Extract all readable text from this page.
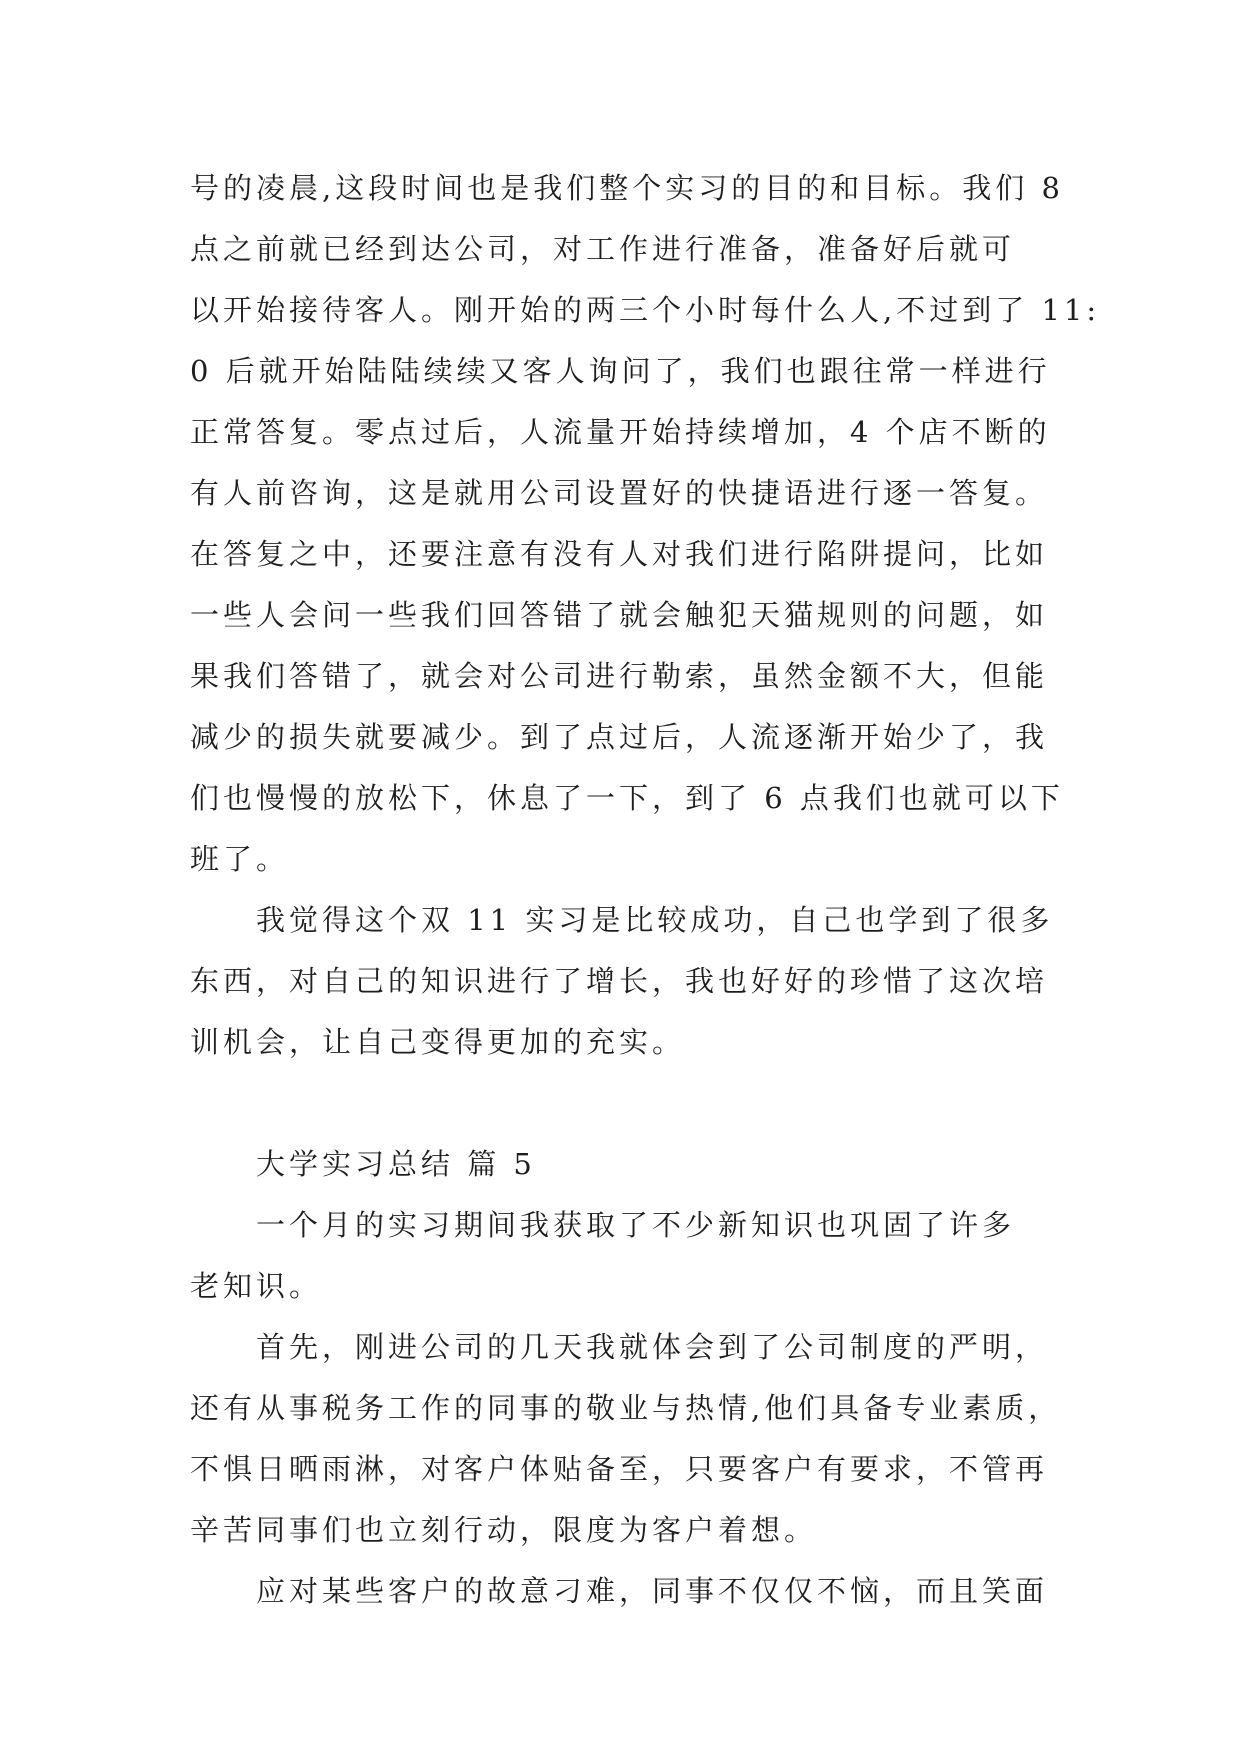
号的凌晨,这段时间也是我们整个实习的目的和目标。我们 8
点之前就已经到达公司，对工作进行准备，准备好后就可
以开始接待客人。刚开始的两三个小时每什么人,不过到了 11:
0 后就开始陆陆续续又客人询问了，我们也跟往常一样进行
正常答复。零点过后，人流量开始持续增加，4 个店不断的
有人前咨询，这是就用公司设置好的快捷语进行逐一答复。
在答复之中，还要注意有没有人对我们进行陷阱提问，比如
一些人会问一些我们回答错了就会触犯天猫规则的问题，如
果我们答错了，就会对公司进行勒索，虽然金额不大，但能
减少的损失就要减少。到了点过后，人流逐渐开始少了，我
们也慢慢的放松下，休息了一下，到了 6 点我们也就可以下
班了。

我觉得这个双 11 实习是比较成功，自己也学到了很多
东西，对自己的知识进行了增长，我也好好的珍惜了这次培
训机会，让自己变得更加的充实。

大学实习总结 篇 5

一个月的实习期间我获取了不少新知识也巩固了许多
老知识。

首先，刚进公司的几天我就体会到了公司制度的严明，
还有从事税务工作的同事的敬业与热情,他们具备专业素质，
不惧日晒雨淋，对客户体贴备至，只要客户有要求，不管再
辛苦同事们也立刻行动，限度为客户着想。

应对某些客户的故意刁难，同事不仅仅不恼，而且笑面
